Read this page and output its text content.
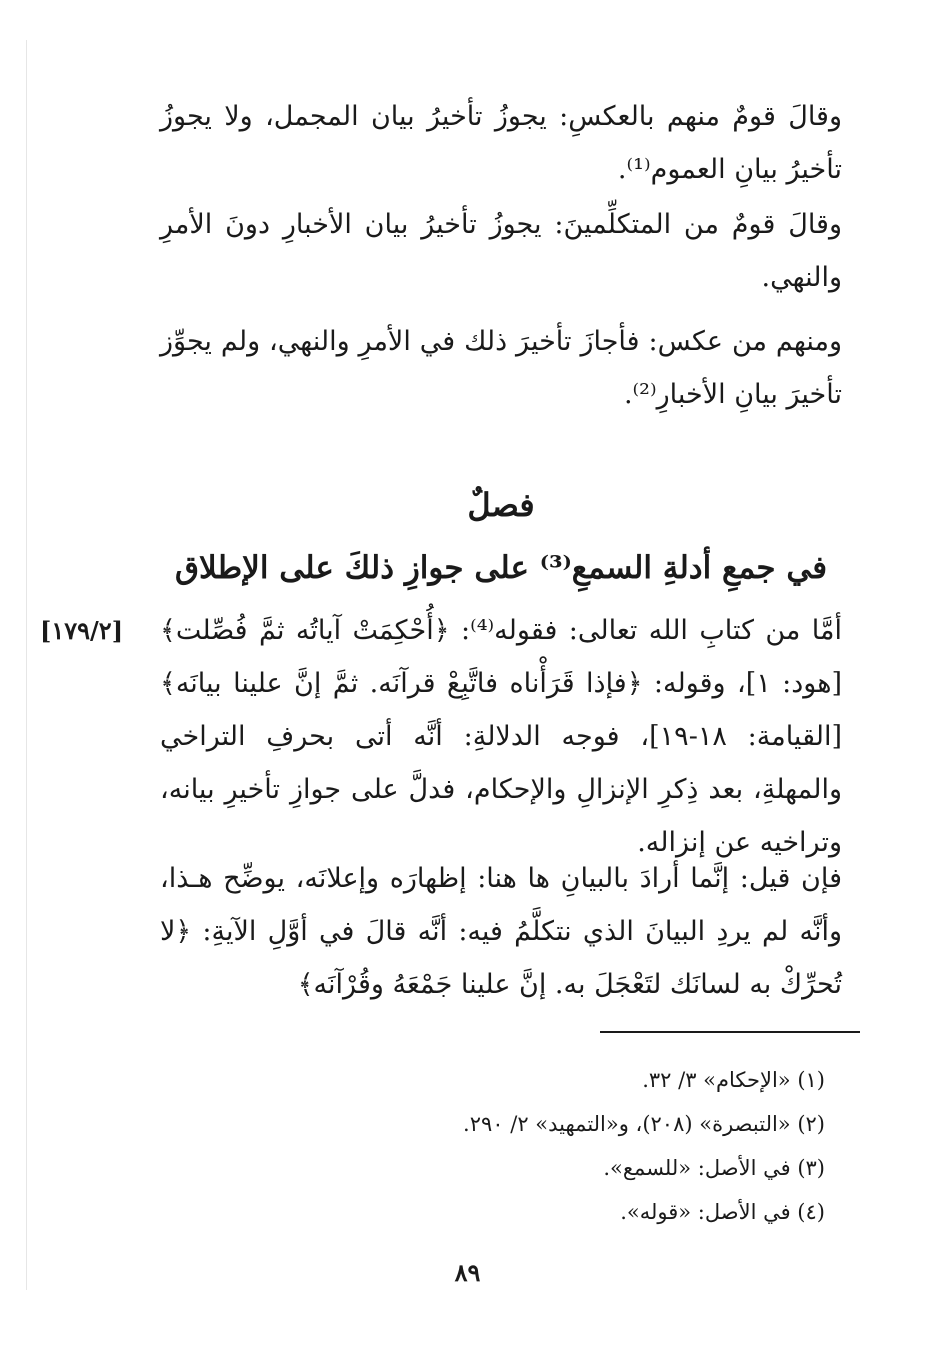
وقالَ قومٌ منهم بالعكسِ: يجوزُ تأخيرُ بيان المجمل، ولا يجوزُ تأخيرُ بيانِ العموم⁽¹⁾.

وقالَ قومٌ من المتكلِّمينَ: يجوزُ تأخيرُ بيان الأخبارِ دونَ الأمرِ والنهي.

ومنهم من عكس: فأجازَ تأخيرَ ذلك في الأمرِ والنهي، ولم يجوِّز تأخيرَ بيانِ الأخبارِ⁽²⁾.

فصلٌ
في جمعِ أدلةِ السمعِ⁽³⁾ على جوازِ ذلكَ على الإطلاق
[١٧٩/٢] أمَّا من كتابِ الله تعالى: فقوله⁽⁴⁾: ﴿أُحْكِمَتْ آياتُه ثمَّ فُصِّلت﴾ [هود: ١]، وقوله: ﴿فإذا قَرَأْناه فاتَّبِعْ قرآنَه. ثمَّ إنَّ علينا بيانَه﴾ [القيامة: ١٨-١٩]، فوجه الدلالةِ: أنَّه أتى بحرفِ التراخي والمهلةِ، بعد ذِكرِ الإنزالِ والإحكام، فدلَّ على جوازِ تأخيرِ بيانه، وتراخيه عن إنزاله.

فإن قيل: إنَّما أرادَ بالبيانِ ها هنا: إظهارَه وإعلانَه، يوضِّح هـذا، وأنَّه لم يردِ البيانَ الذي نتكلَّمُ فيه: أنَّه قالَ في أوَّلِ الآيةِ: ﴿لا تُحرِّكْ به لسانَك لتَعْجَلَ به. إنَّ علينا جَمْعَهُ وقُرْآنَه﴾

(١) «الإحكام» ٣/ ٣٢.
(٢) «التبصرة» (٢٠٨)، و«التمهيد» ٢/ ٢٩٠.
(٣) في الأصل: «للسمع».
(٤) في الأصل: «قوله».
٨٩
